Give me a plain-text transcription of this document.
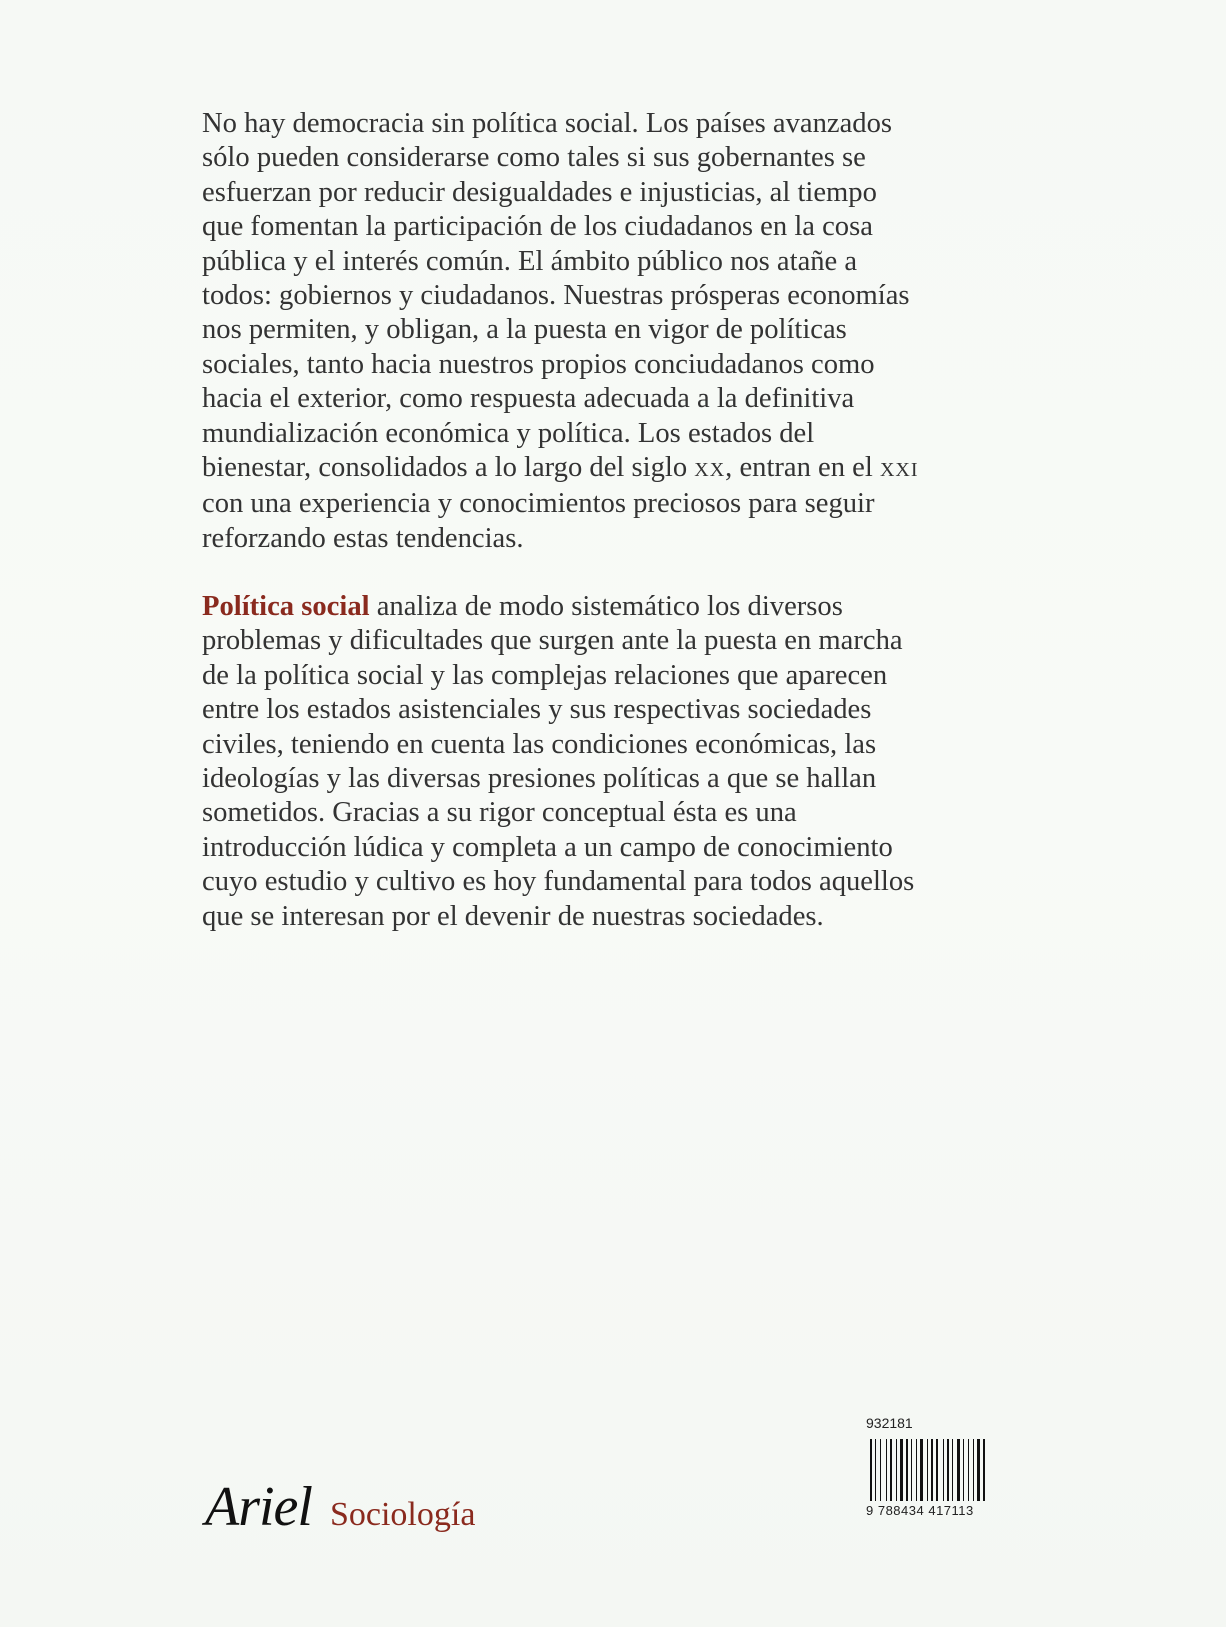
No hay democracia sin política social. Los países avanzados
sólo pueden considerarse como tales si sus gobernantes se
esfuerzan por reducir desigualdades e injusticias, al tiempo
que fomentan la participación de los ciudadanos en la cosa
pública y el interés común. El ámbito público nos atañe a
todos: gobiernos y ciudadanos. Nuestras prósperas economías
nos permiten, y obligan, a la puesta en vigor de políticas
sociales, tanto hacia nuestros propios conciudadanos como
hacia el exterior, como respuesta adecuada a la definitiva
mundialización económica y política. Los estados del
bienestar, consolidados a lo largo del siglo XX, entran en el XXI
con una experiencia y conocimientos preciosos para seguir
reforzando estas tendencias.
Política social analiza de modo sistemático los diversos
problemas y dificultades que surgen ante la puesta en marcha
de la política social y las complejas relaciones que aparecen
entre los estados asistenciales y sus respectivas sociedades
civiles, teniendo en cuenta las condiciones económicas, las
ideologías y las diversas presiones políticas a que se hallan
sometidos. Gracias a su rigor conceptual ésta es una
introducción lúdica y completa a un campo de conocimiento
cuyo estudio y cultivo es hoy fundamental para todos aquellos
que se interesan por el devenir de nuestras sociedades.
Ariel Sociología
932181
9 788434 417113
